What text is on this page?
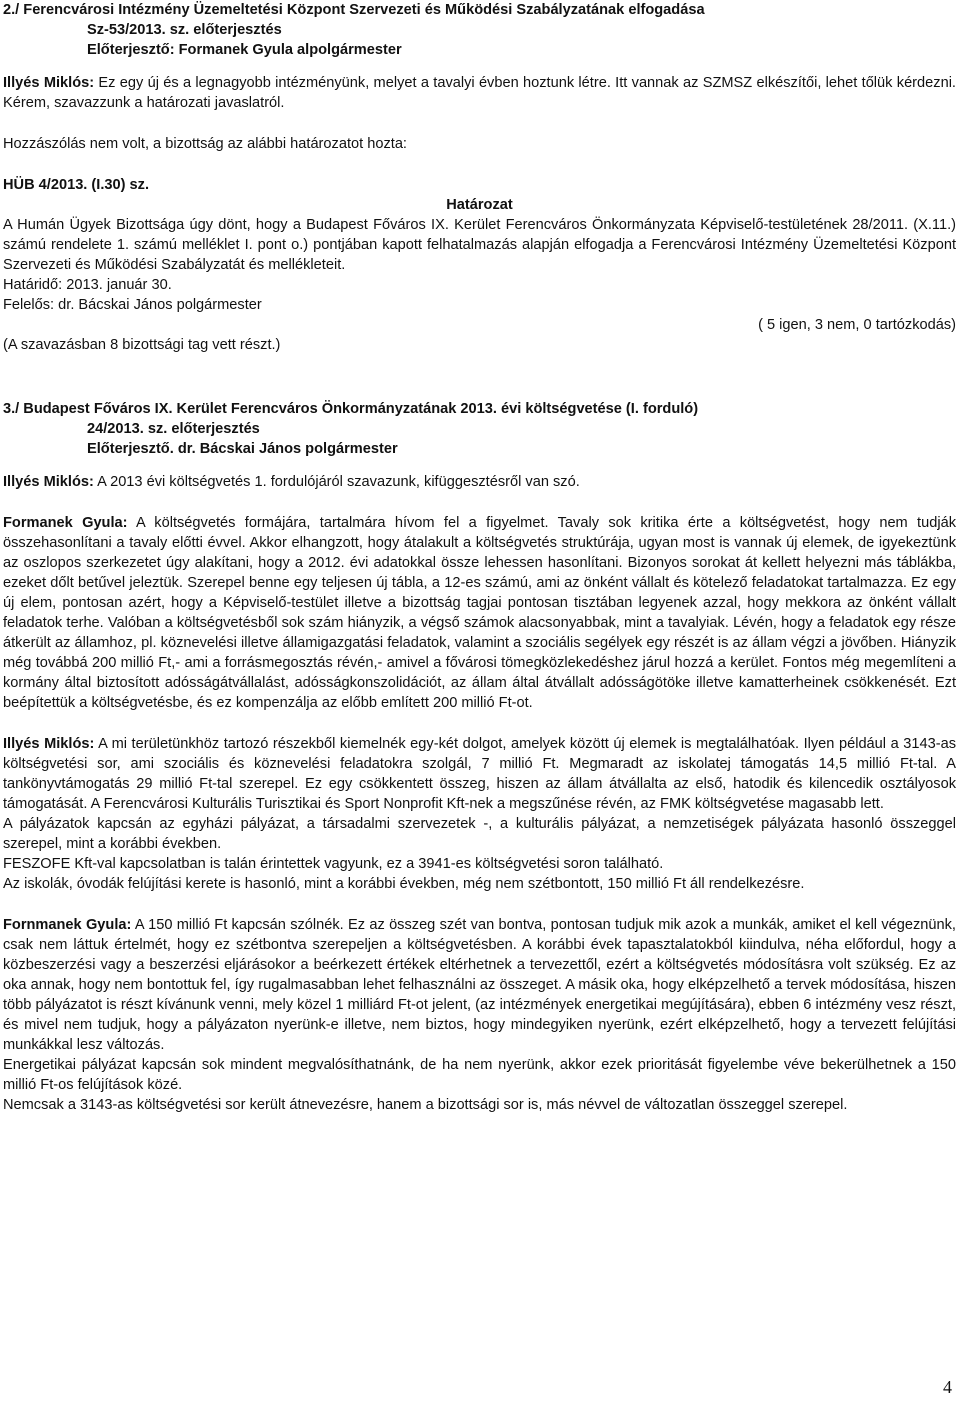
2./ Ferencvárosi Intézmény Üzemeltetési Központ Szervezeti és Működési Szabályzatának elfogadása

Sz-53/2013. sz. előterjesztés

Előterjesztő: Formanek Gyula alpolgármester

Illyés Miklós: Ez egy új és a legnagyobb intézményünk, melyet a tavalyi évben hoztunk létre. Itt vannak az SZMSZ elkészítői, lehet tőlük kérdezni. Kérem, szavazzunk a határozati javaslatról.

Hozzászólás nem volt, a bizottság az alábbi határozatot hozta:

HÜB 4/2013. (I.30) sz.

Határozat

A Humán Ügyek Bizottsága úgy dönt, hogy a Budapest Főváros IX. Kerület Ferencváros Önkormányzata Képviselő-testületének 28/2011. (X.11.) számú rendelete 1. számú melléklet I. pont o.) pontjában kapott felhatalmazás alapján elfogadja a Ferencvárosi Intézmény Üzemeltetési Központ Szervezeti és Működési Szabályzatát és mellékleteit.

Határidő: 2013. január 30.

Felelős: dr. Bácskai János polgármester

( 5 igen, 3 nem, 0 tartózkodás)

(A szavazásban 8 bizottsági tag vett részt.)

3./ Budapest Főváros IX. Kerület Ferencváros Önkormányzatának 2013. évi költségvetése (I. forduló)

24/2013. sz. előterjesztés

Előterjesztő. dr. Bácskai János polgármester

Illyés Miklós: A 2013 évi költségvetés 1. fordulójáról szavazunk, kifüggesztésről van szó.

Formanek Gyula: A költségvetés formájára, tartalmára hívom fel a figyelmet. Tavaly sok kritika érte a költségvetést, hogy nem tudják összehasonlítani a tavaly előtti évvel. Akkor elhangzott, hogy átalakult a költségvetés struktúrája, ugyan most is vannak új elemek, de igyekeztünk az oszlopos szerkezetet úgy alakítani, hogy a 2012. évi adatokkal össze lehessen hasonlítani. Bizonyos sorokat át kellett helyezni más táblákba, ezeket dőlt betűvel jeleztük. Szerepel benne egy teljesen új tábla, a 12-es számú, ami az önként vállalt és kötelező feladatokat tartalmazza. Ez egy új elem, pontosan azért, hogy a Képviselő-testület illetve a bizottság tagjai pontosan tisztában legyenek azzal, hogy mekkora az önként vállalt feladatok terhe. Valóban a költségvetésből sok szám hiányzik, a végső számok alacsonyabbak, mint a tavalyiak. Lévén, hogy a feladatok egy része átkerült az államhoz, pl. köznevelési illetve államigazgatási feladatok, valamint a szociális segélyek egy részét is az állam végzi a jövőben. Hiányzik még továbbá 200 millió Ft,- ami a forrásmegosztás révén,- amivel a fővárosi tömegközlekedéshez járul hozzá a kerület. Fontos még megemlíteni a kormány által biztosított adósságátvállalást, adósságkonszolidációt, az állam által átvállalt adósságötöke illetve kamatterheinek csökkenését. Ezt beépítettük a költségvetésbe, és ez kompenzálja az előbb említett 200 millió Ft-ot.

Illyés Miklós: A mi területünkhöz tartozó részekből kiemelnék egy-két dolgot, amelyek között új elemek is megtalálhatóak. Ilyen például a 3143-as költségvetési sor, ami szociális és köznevelési feladatokra szolgál, 7 millió Ft. Megmaradt az iskolatej támogatás 14,5 millió Ft-tal. A tankönyvtámogatás 29 millió Ft-tal szerepel. Ez egy csökkentett összeg, hiszen az állam átvállalta az első, hatodik és kilencedik osztályosok támogatását. A Ferencvárosi Kulturális Turisztikai és Sport Nonprofit Kft-nek a megszűnése révén, az FMK költségvetése magasabb lett.

A pályázatok kapcsán az egyházi pályázat, a társadalmi szervezetek -, a kulturális pályázat, a nemzetiségek pályázata hasonló összeggel szerepel, mint a korábbi években.

FESZOFE Kft-val kapcsolatban is talán érintettek vagyunk, ez a 3941-es költségvetési soron található.

Az iskolák, óvodák felújítási kerete is hasonló, mint a korábbi években, még nem szétbontott, 150 millió Ft áll rendelkezésre.

Fornmanek Gyula: A 150 millió Ft kapcsán szólnék. Ez az összeg szét van bontva, pontosan tudjuk mik azok a munkák, amiket el kell végeznünk, csak nem láttuk értelmét, hogy ez szétbontva szerepeljen a költségvetésben. A korábbi évek tapasztalatokból kiindulva, néha előfordul, hogy a közbeszerzési vagy a beszerzési eljárásokor a beérkezett értékek eltérhetnek a tervezettől, ezért a költségvetés módosításra volt szükség. Ez az oka annak, hogy nem bontottuk fel, így rugalmasabban lehet felhasználni az összeget. A másik oka, hogy elképzelhető a tervek módosítása, hiszen több pályázatot is részt kívánunk venni, mely közel 1 milliárd Ft-ot jelent, (az intézmények energetikai megújítására), ebben 6 intézmény vesz részt, és mivel nem tudjuk, hogy a pályázaton nyerünk-e illetve, nem biztos, hogy mindegyiken nyerünk, ezért elképzelhető, hogy a tervezett felújítási munkákkal lesz változás.

Energetikai pályázat kapcsán sok mindent megvalósíthatnánk, de ha nem nyerünk, akkor ezek prioritását figyelembe véve bekerülhetnek a 150 millió Ft-os felújítások közé.

Nemcsak a 3143-as költségvetési sor került átnevezésre, hanem a bizottsági sor is, más névvel de változatlan összeggel szerepel.

4
